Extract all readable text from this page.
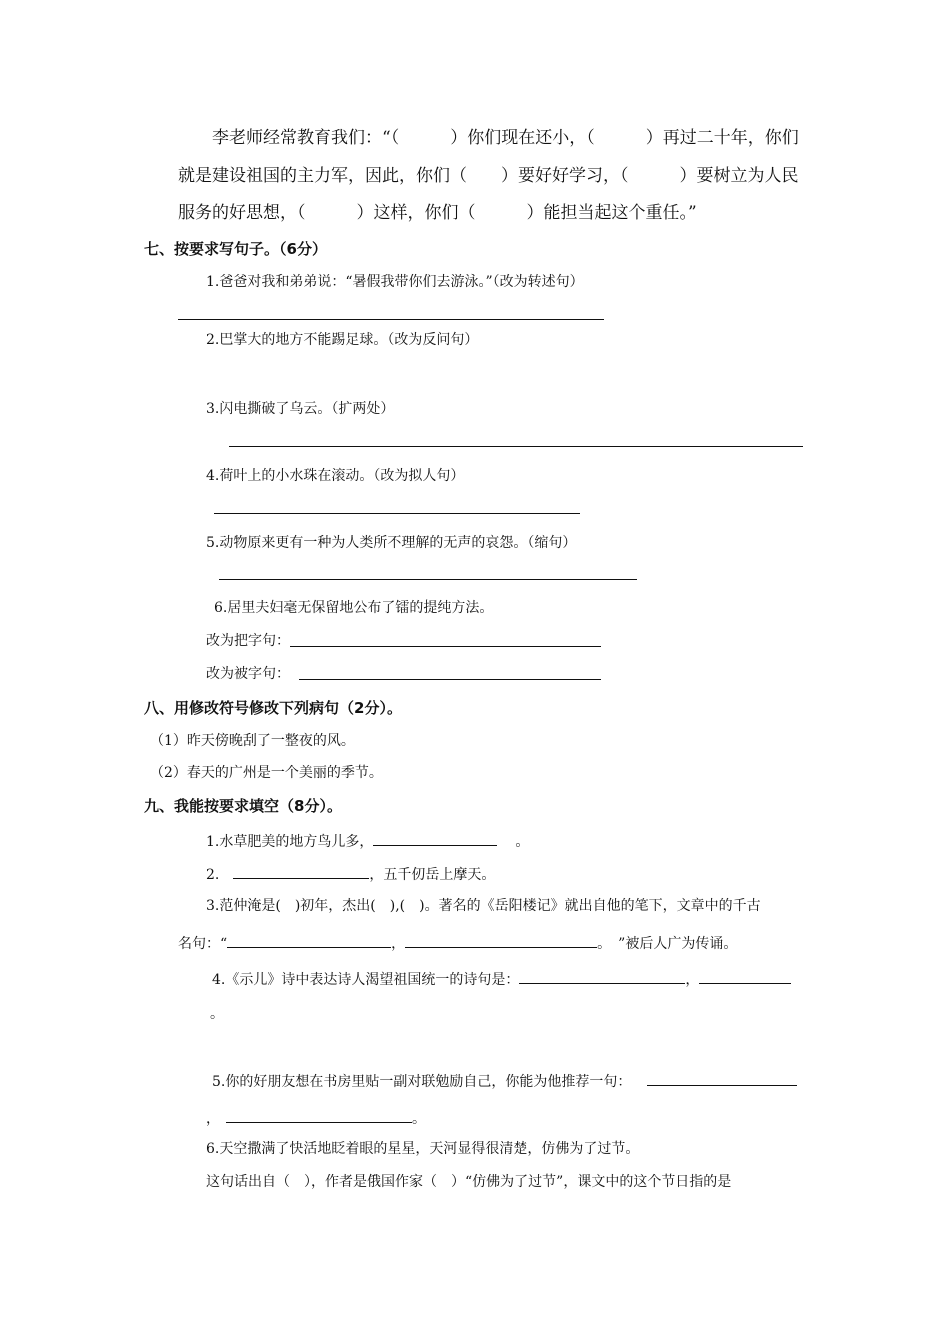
李老师经常教育我们：“（　　　）你们现在还小，（　　　）再过二十年，你们
就是建设祖国的主力军，因此，你们（　　）要好好学习，（　　　）要树立为人民
服务的好思想，（　　　）这样，你们（　　　）能担当起这个重任。”
七、按要求写句子。（6分）
1.爸爸对我和弟弟说：“暑假我带你们去游泳。”（改为转述句）
2.巴掌大的地方不能踢足球。（改为反问句）
3.闪电撕破了乌云。（扩两处）
4.荷叶上的小水珠在滚动。（改为拟人句）
5.动物原来更有一种为人类所不理解的无声的哀怨。（缩句）
6.居里夫妇毫无保留地公布了镭的提纯方法。
改为把字句：
改为被字句：
八、用修改符号修改下列病句（2分）。
（1）昨天傍晚刮了一整夜的风。
（2）春天的广州是一个美丽的季节。
九、我能按要求填空（8分）。
1.水草肥美的地方鸟儿多，	。
2.	，五千仞岳上摩天。
3.范仲淹是(　)初年，杰出(　),(　)。著名的《岳阳楼记》就出自他的笔下，文章中的千古
名句：“	，	。　”被后人广为传诵。
4.《示儿》诗中表达诗人渴望祖国统一的诗句是：	，
。
5.你的好朋友想在书房里贴一副对联勉励自己，你能为他推荐一句：
，	。
6.天空撒满了快活地眨着眼的星星，天河显得很清楚，仿佛为了过节。
这句话出自（　），作者是俄国作家（　）“仿佛为了过节”，课文中的这个节日指的是
